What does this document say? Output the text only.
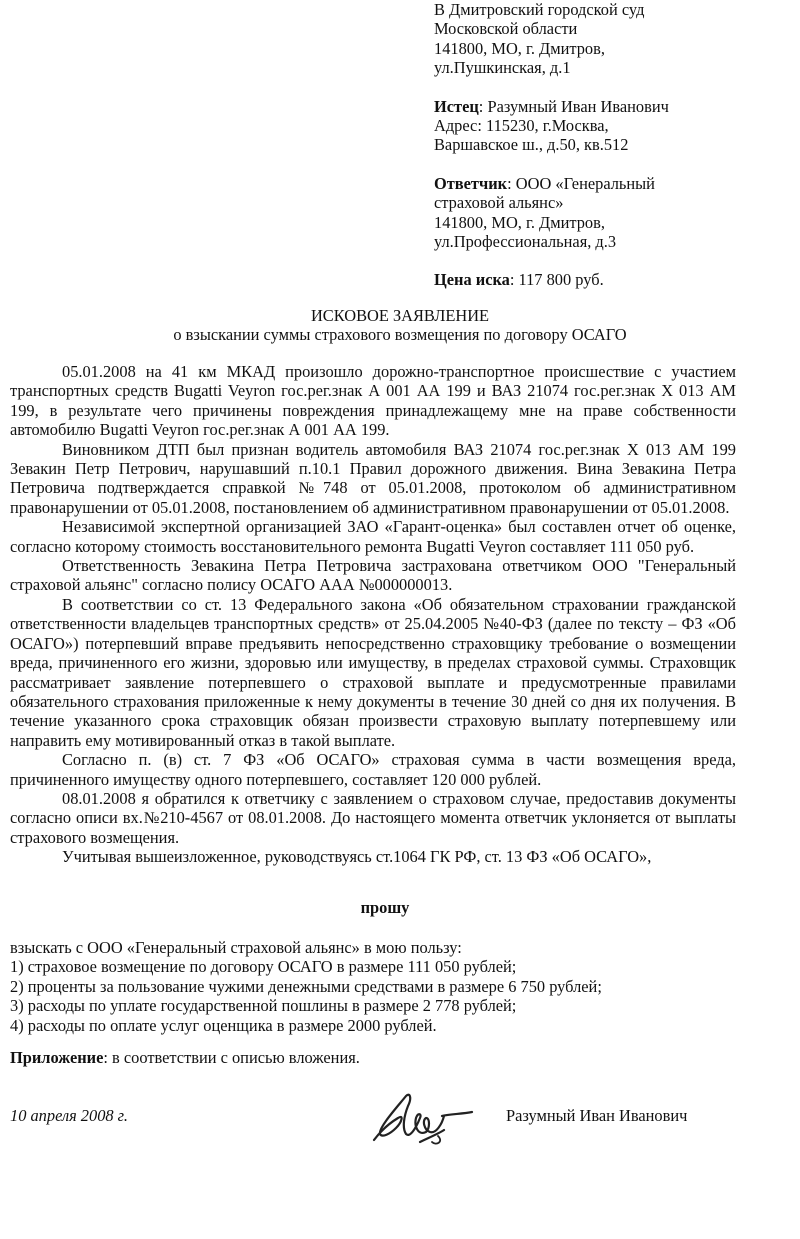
В Дмитровский городской суд
Московской области
141800, МО, г. Дмитров,
ул.Пушкинская, д.1
Истец: Разумный Иван Иванович
Адрес: 115230, г.Москва,
Варшавское ш., д.50, кв.512
Ответчик: ООО «Генеральный
страховой альянс»
141800, МО, г. Дмитров,
ул.Профессиональная, д.3
Цена иска: 117 800 руб.
ИСКОВОЕ ЗАЯВЛЕНИЕ
о взыскании суммы страхового возмещения по договору ОСАГО
05.01.2008 на 41 км МКАД произошло дорожно-транспортное происшествие с участием транспортных средств Bugatti Veyron гос.рег.знак А 001 АА 199 и ВАЗ 21074 гос.рег.знак Х 013 АМ 199, в результате чего причинены повреждения принадлежащему мне на праве собственности автомобилю Bugatti Veyron гос.рег.знак А 001 АА 199.
Виновником ДТП был признан водитель автомобиля ВАЗ 21074 гос.рег.знак Х 013 АМ 199 Зевакин Петр Петрович, нарушавший п.10.1 Правил дорожного движения. Вина Зевакина Петра Петровича подтверждается справкой №748 от 05.01.2008, протоколом об административном правонарушении от 05.01.2008, постановлением об административном правонарушении от 05.01.2008.
Независимой экспертной организацией ЗАО «Гарант-оценка» был составлен отчет об оценке, согласно которому стоимость восстановительного ремонта Bugatti Veyron составляет 111 050 руб.
Ответственность Зевакина Петра Петровича застрахована ответчиком ООО "Генеральный страховой альянс" согласно полису ОСАГО ААА №000000013.
В соответствии со ст. 13 Федерального закона «Об обязательном страховании гражданской ответственности владельцев транспортных средств» от 25.04.2005 №40-ФЗ (далее по тексту – ФЗ «Об ОСАГО») потерпевший вправе предъявить непосредственно страховщику требование о возмещении вреда, причиненного его жизни, здоровью или имуществу, в пределах страховой суммы. Страховщик рассматривает заявление потерпевшего о страховой выплате и предусмотренные правилами обязательного страхования приложенные к нему документы в течение 30 дней со дня их получения. В течение указанного срока страховщик обязан произвести страховую выплату потерпевшему или направить ему мотивированный отказ в такой выплате.
Согласно п. (в) ст. 7 ФЗ «Об ОСАГО» страховая сумма в части возмещения вреда, причиненного имуществу одного потерпевшего, составляет 120 000 рублей.
08.01.2008 я обратился к ответчику с заявлением о страховом случае, предоставив документы согласно описи вх.№210-4567 от 08.01.2008. До настоящего момента ответчик уклоняется от выплаты страхового возмещения.
Учитывая вышеизложенное, руководствуясь ст.1064 ГК РФ, ст. 13 ФЗ «Об ОСАГО»,
прошу
взыскать с ООО «Генеральный страховой альянс» в мою пользу:
1) страховое возмещение по договору ОСАГО в размере 111 050 рублей;
2) проценты за пользование чужими денежными средствами в размере 6 750 рублей;
3) расходы по уплате государственной пошлины в размере 2 778 рублей;
4) расходы по оплате услуг оценщика в размере 2000 рублей.
Приложение: в соответствии с описью вложения.
10 апреля 2008 г.	Разумный Иван Иванович
